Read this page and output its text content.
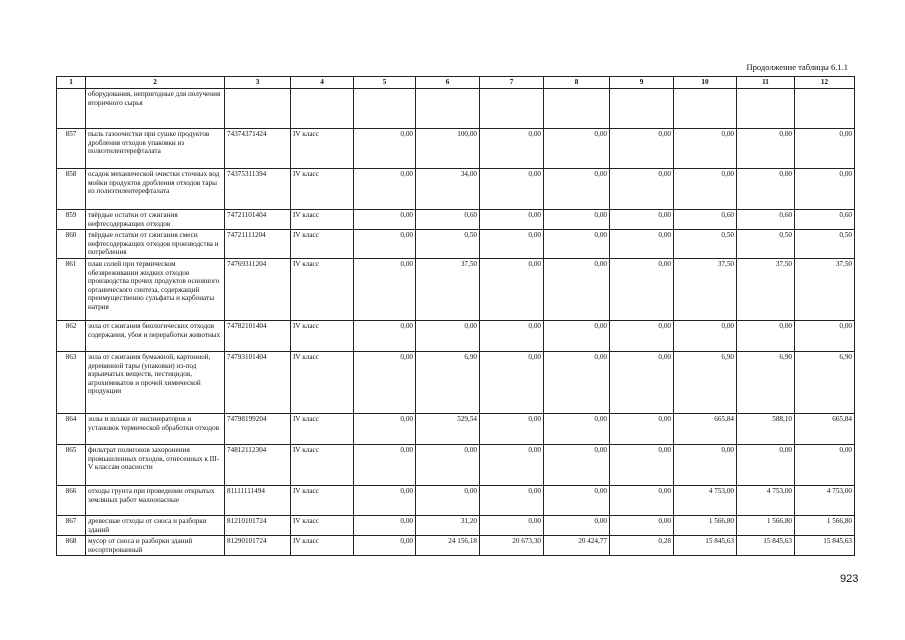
Продолжение таблицы 6.1.1
1	2	3	4	5	6	7	8	9	10	11	12
	оборудования, непригодные для получения вторичного сырья										
857	пыль газоочистки при сушке продуктов дробления отходов упаковки из полиэтилентерефталата	74374371424	IV класс	0,00	100,00	0,00	0,00	0,00	0,00	0,00	0,00
858	осадок механической очистки сточных вод мойки продуктов дробления отходов тары из полиэтилентерефталата	74375311394	IV класс	0,00	34,00	0,00	0,00	0,00	0,00	0,00	0,00
859	твёрдые остатки от сжигания нефтесодержащих отходов	74721101404	IV класс	0,00	0,60	0,00	0,00	0,00	0,60	0,60	0,60
860	твёрдые остатки от сжигания смеси нефтесодержащих отходов производства и потребления	74721111204	IV класс	0,00	0,50	0,00	0,00	0,00	0,50	0,50	0,50
861	плав солей при термическом обезвреживании жидких отходов производства прочих продуктов основного органического синтеза, содержащий преимущественно сульфаты и карбонаты натрия	74769311204	IV класс	0,00	37,50	0,00	0,00	0,00	37,50	37,50	37,50
862	зола от сжигания биологических отходов содержания, убоя и переработки животных	74782101404	IV класс	0,00	0,00	0,00	0,00	0,00	0,00	0,00	0,00
863	зола от сжигания бумажной, картонной, деревянной тары (упаковки) из-под взрывчатых веществ, пестицидов, агрохимикатов и прочей химической продукции	74793101404	IV класс	0,00	6,90	0,00	0,00	0,00	6,90	6,90	6,90
864	золы и шлаки от инсинераторов и установок термической обработки отходов	74798199204	IV класс	0,00	529,54	0,00	0,00	0,00	665,84	588,10	665,84
865	фильтрат полигонов захоронения промышленных отходов, отнесенных к III-V классам опасности	74812112304	IV класс	0,00	0,00	0,00	0,00	0,00	0,00	0,00	0,00
866	отходы грунта при проведении открытых земляных работ малоопасные	81111111494	IV класс	0,00	0,00	0,00	0,00	0,00	4 753,00	4 753,00	4 753,00
867	древесные отходы от сноса и разборки зданий	81210101724	IV класс	0,00	31,20	0,00	0,00	0,00	1 566,80	1 566,80	1 566,80
868	мусор от сноса и разборки зданий несортированный	81290101724	IV класс	0,00	24 156,18	20 673,30	20 424,77	0,28	15 845,63	15 845,63	15 845,63
923
